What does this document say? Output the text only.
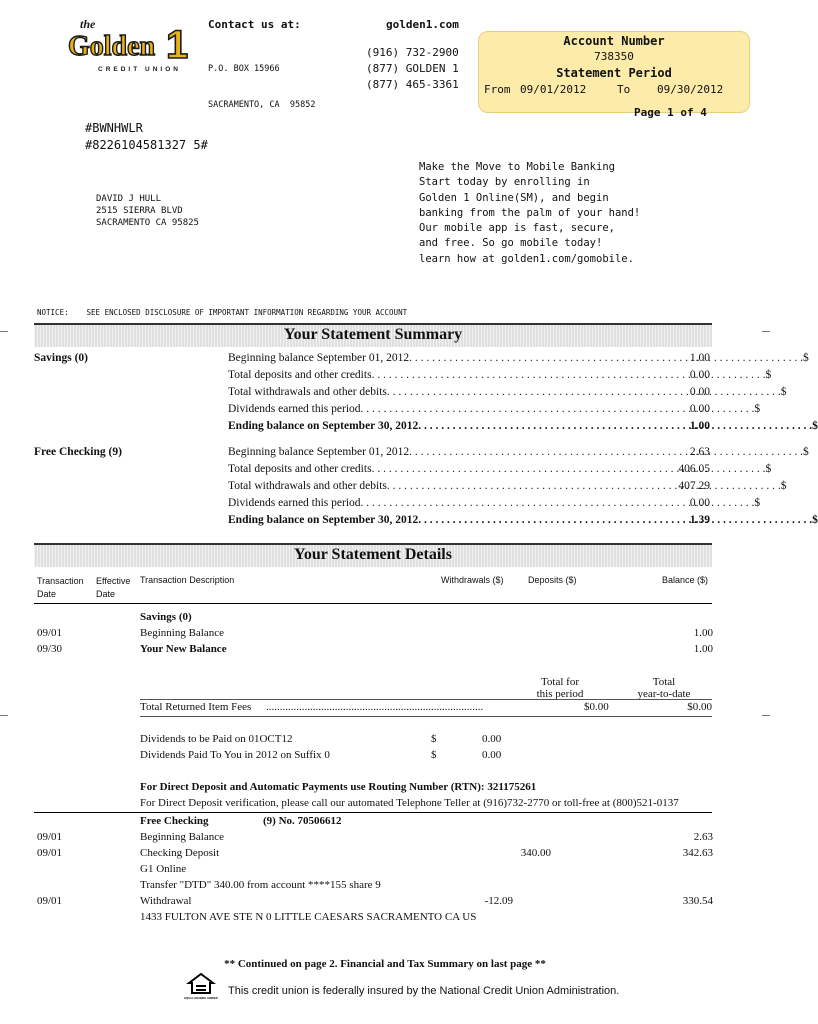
the
Golden 1
CREDIT UNION
Contact us at:	golden1.com

P.O. BOX 15966

SACRAMENTO, CA  95852

(916) 732-2900
(877) GOLDEN 1
(877) 465-3361
Account Number
738350
Statement Period
From 09/01/2012	To 09/30/2012
Page 1 of 4
#BWNHWLR
#8226104581327 5#
Make the Move to Mobile Banking
Start today by enrolling in
Golden 1 Online(SM), and begin
banking from the palm of your hand!
Our mobile app is fast, secure,
and free. So go mobile today!
learn how at golden1.com/gomobile.
DAVID J HULL
2515 SIERRA BLVD
SACRAMENTO CA 95825
NOTICE: SEE ENCLOSED DISCLOSURE OF IMPORTANT INFORMATION REGARDING YOUR ACCOUNT
Your Statement Summary
Savings (0)	Beginning balance September 01, 2012 . . .	$
1.00
Total deposits and other credits . . .	$
0.00
Total withdrawals and other debits . . .	$
0.00
Dividends earned this period . . .	$
0.00
Ending balance on September 30, 2012 . . .	$
1.00
Free Checking (9)	Beginning balance September 01, 2012 . . .	$
2.63
Total deposits and other credits . . .	$
406.05
Total withdrawals and other debits . . .	$
407.29
Dividends earned this period . . .	$
0.00
Ending balance on September 30, 2012 . . .	$
1.39
Your Statement Details
Transaction
Date
Effective
Date
Transaction Description	Withdrawals ($)	Deposits ($)	Balance ($)
Savings (0)
09/01	Beginning Balance	1.00
09/30	Your New Balance	1.00
Total for
this period
Total
year-to-date
Total Returned Item Fees ...............................................................................	$0.00	$0.00
Dividends to be Paid on 01OCT12	$	0.00
Dividends Paid To You in 2012 on Suffix 0	$	0.00
For Direct Deposit and Automatic Payments use Routing Number (RTN): 321175261
For Direct Deposit verification, please call our automated Telephone Teller at (916)732-2770 or toll-free at (800)521-0137
Free Checking	(9) No. 70506612
09/01	Beginning Balance	2.63
09/01	Checking Deposit	340.00	342.63
G1 Online
Transfer "DTD" 340.00 from account ****155 share 9
09/01	Withdrawal	-12.09	330.54
1433 FULTON AVE STE N 0 LITTLE CAESARS SACRAMENTO CA US
** Continued on page 2. Financial and Tax Summary on last page **
EQUAL HOUSING LENDER
This credit union is federally insured by the National Credit Union Administration.
